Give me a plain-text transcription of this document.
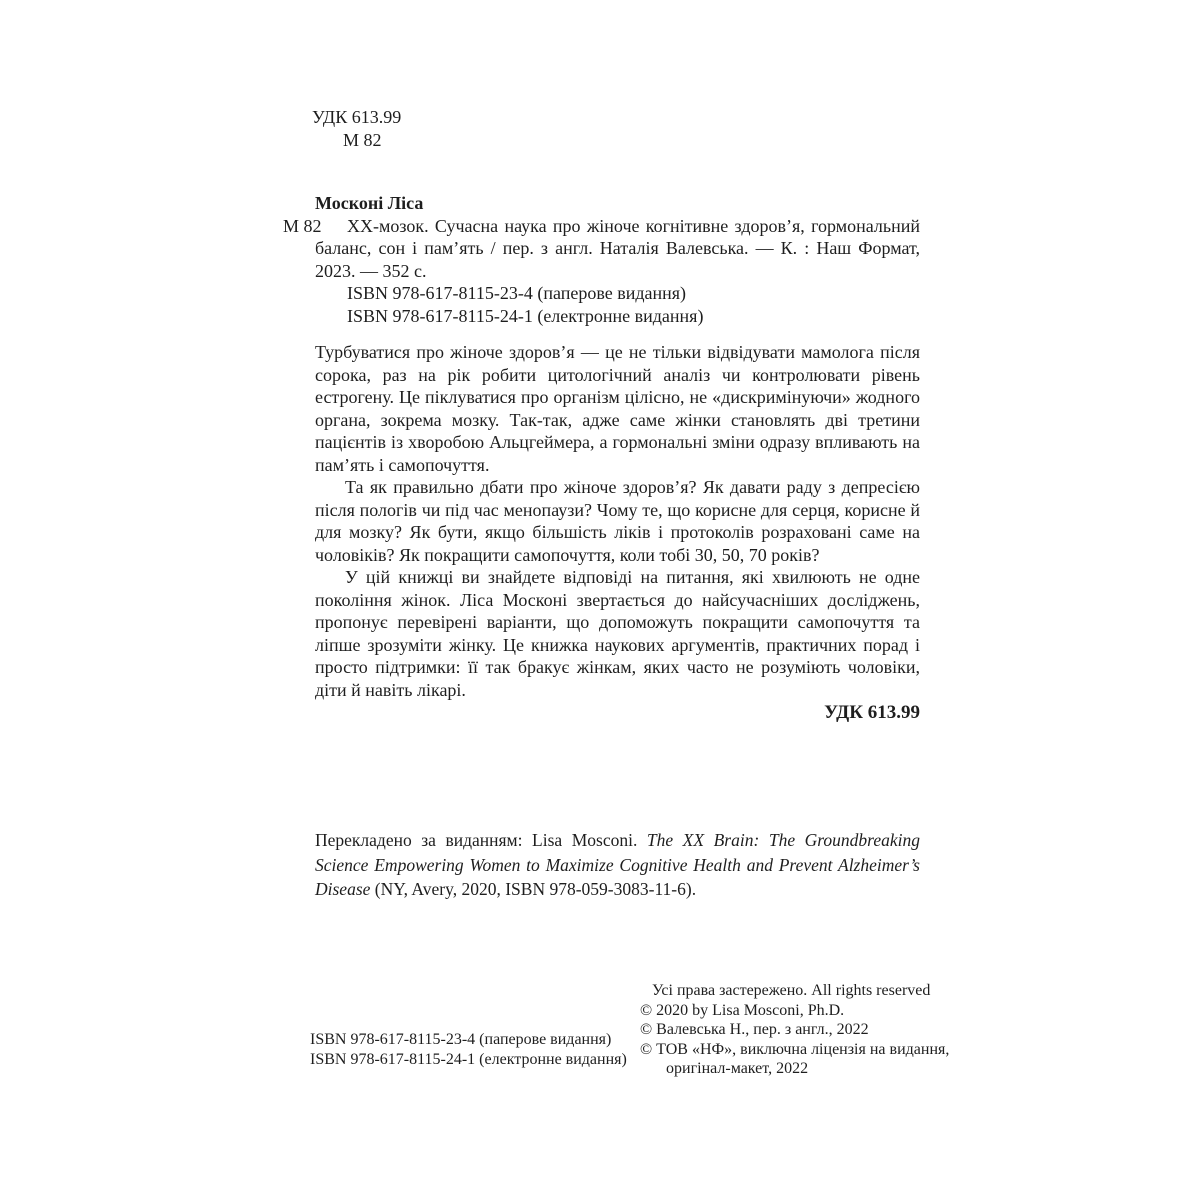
УДК 613.99
М 82
Москоні Ліса
М 82	ХХ-мозок. Сучасна наука про жіноче когнітивне здоров’я, гормональний баланс, сон і пам’ять / пер. з англ. Наталія Валевська. — К. : Наш Формат, 2023. — 352 с.

ISBN 978-617-8115-23-4 (паперове видання)
ISBN 978-617-8115-24-1 (електронне видання)

Турбуватися про жіноче здоров’я — це не тільки відвідувати мамолога після сорока, раз на рік робити цитологічний аналіз чи контролювати рівень естрогену. Це піклуватися про організм цілісно, не «дискримінуючи» жодного органа, зокрема мозку. Так-так, адже саме жінки становлять дві третини пацієнтів із хворобою Альцгеймера, а гормональні зміни одразу впливають на пам’ять і самопочуття.

Та як правильно дбати про жіноче здоров’я? Як давати раду з депресією після пологів чи під час менопаузи? Чому те, що корисне для серця, корисне й для мозку? Як бути, якщо більшість ліків і протоколів розраховані саме на чоловіків? Як покращити самопочуття, коли тобі 30, 50, 70 років?

У цій книжці ви знайдете відповіді на питання, які хвилюють не одне покоління жінок. Ліса Москоні звертається до найсучасніших досліджень, пропонує перевірені варіанти, що допоможуть покращити самопочуття та ліпше зрозуміти жінку. Це книжка наукових аргументів, практичних порад і просто підтримки: її так бракує жінкам, яких часто не розуміють чоловіки, діти й навіть лікарі.

УДК 613.99

Перекладено за виданням: Lisa Mosconi. The XX Brain: The Groundbreaking Science Empowering Women to Maximize Cognitive Health and Prevent Alzheimer’s Disease (NY, Avery, 2020, ISBN 978-059-3083-11-6).

ISBN 978-617-8115-23-4 (паперове видання)
ISBN 978-617-8115-24-1 (електронне видання)
Усі права застережено. All rights reserved
© 2020 by Lisa Mosconi, Ph.D.
© Валевська Н., пер. з англ., 2022
© ТОВ «НФ», виключна ліцензія на видання,
оригінал-макет, 2022
